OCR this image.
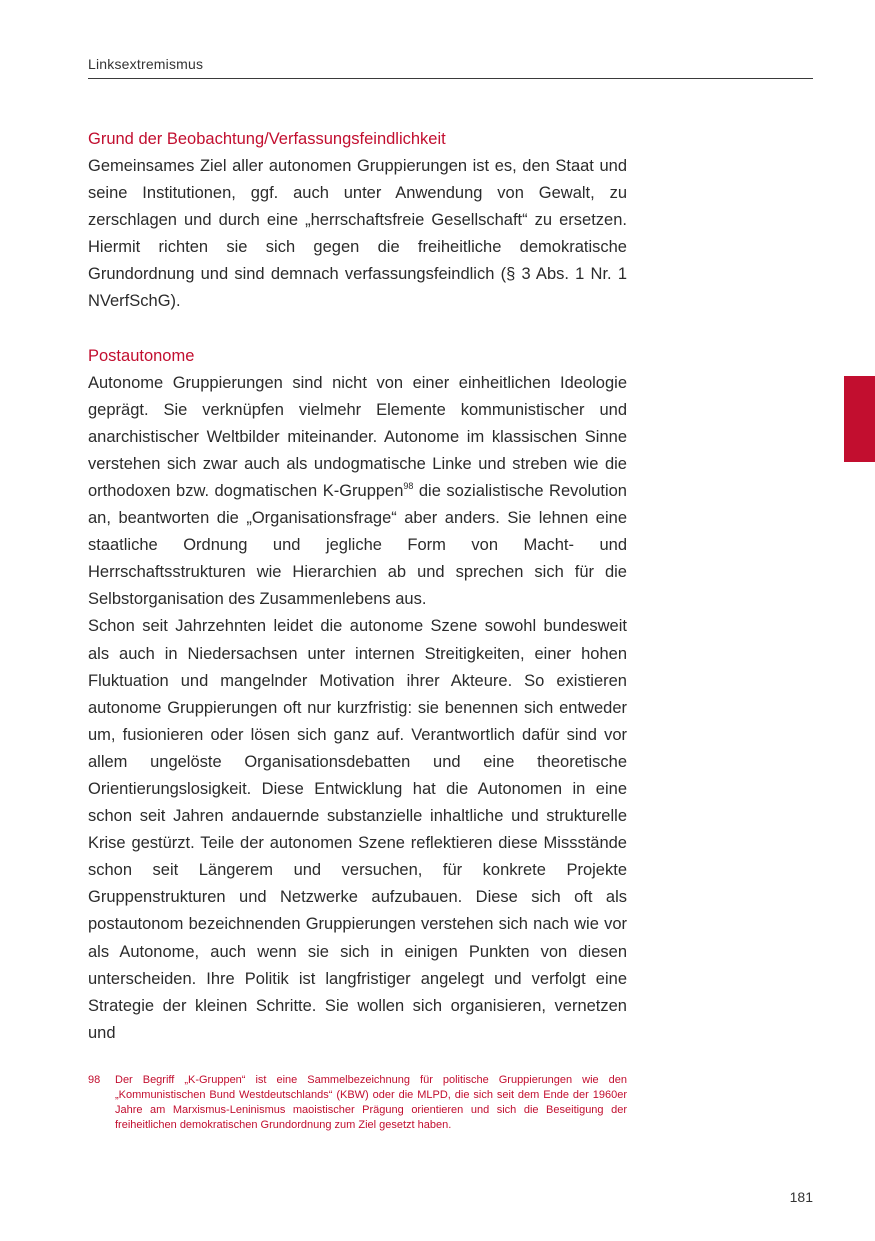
Linksextremismus
Grund der Beobachtung/Verfassungsfeindlichkeit

Gemeinsames Ziel aller autonomen Gruppierungen ist es, den Staat und seine Institutionen, ggf. auch unter Anwendung von Gewalt, zu zerschlagen und durch eine „herrschaftsfreie Gesellschaft“ zu ersetzen. Hiermit richten sie sich gegen die freiheitliche demokratische Grundordnung und sind demnach verfassungsfeindlich (§ 3 Abs. 1 Nr. 1 NVerfSchG).

Postautonome

Autonome Gruppierungen sind nicht von einer einheitlichen Ideologie geprägt. Sie verknüpfen vielmehr Elemente kommunistischer und anarchistischer Weltbilder miteinander. Autonome im klassischen Sinne verstehen sich zwar auch als undogmatische Linke und streben wie die orthodoxen bzw. dogmatischen K-Gruppen$^{98}$ die sozialistische Revolution an, beantworten die „Organisationsfrage“ aber anders. Sie lehnen eine staatliche Ordnung und jegliche Form von Macht- und Herrschaftsstrukturen wie Hierarchien ab und sprechen sich für die Selbstorganisation des Zusammenlebens aus.

Schon seit Jahrzehnten leidet die autonome Szene sowohl bundesweit als auch in Niedersachsen unter internen Streitigkeiten, einer hohen Fluktuation und mangelnder Motivation ihrer Akteure. So existieren autonome Gruppierungen oft nur kurzfristig: sie benennen sich entweder um, fusionieren oder lösen sich ganz auf. Verantwortlich dafür sind vor allem ungelöste Organisationsdebatten und eine theoretische Orientierungslosigkeit. Diese Entwicklung hat die Autonomen in eine schon seit Jahren andauernde substanzielle inhaltliche und strukturelle Krise gestürzt. Teile der autonomen Szene reflektieren diese Missstände schon seit Längerem und versuchen, für konkrete Projekte Gruppenstrukturen und Netzwerke aufzubauen. Diese sich oft als postautonom bezeichnenden Gruppierungen verstehen sich nach wie vor als Autonome, auch wenn sie sich in einigen Punkten von diesen unterscheiden. Ihre Politik ist langfristiger angelegt und verfolgt eine Strategie der kleinen Schritte. Sie wollen sich organisieren, vernetzen und

98	Der Begriff „K-Gruppen“ ist eine Sammelbezeichnung für politische Gruppierungen wie den „Kommunistischen Bund Westdeutschlands“ (KBW) oder die MLPD, die sich seit dem Ende der 1960er Jahre am Marxismus-Leninismus maoistischer Prägung orientieren und sich die Beseitigung der freiheitlichen demokratischen Grundordnung zum Ziel gesetzt haben.
181
